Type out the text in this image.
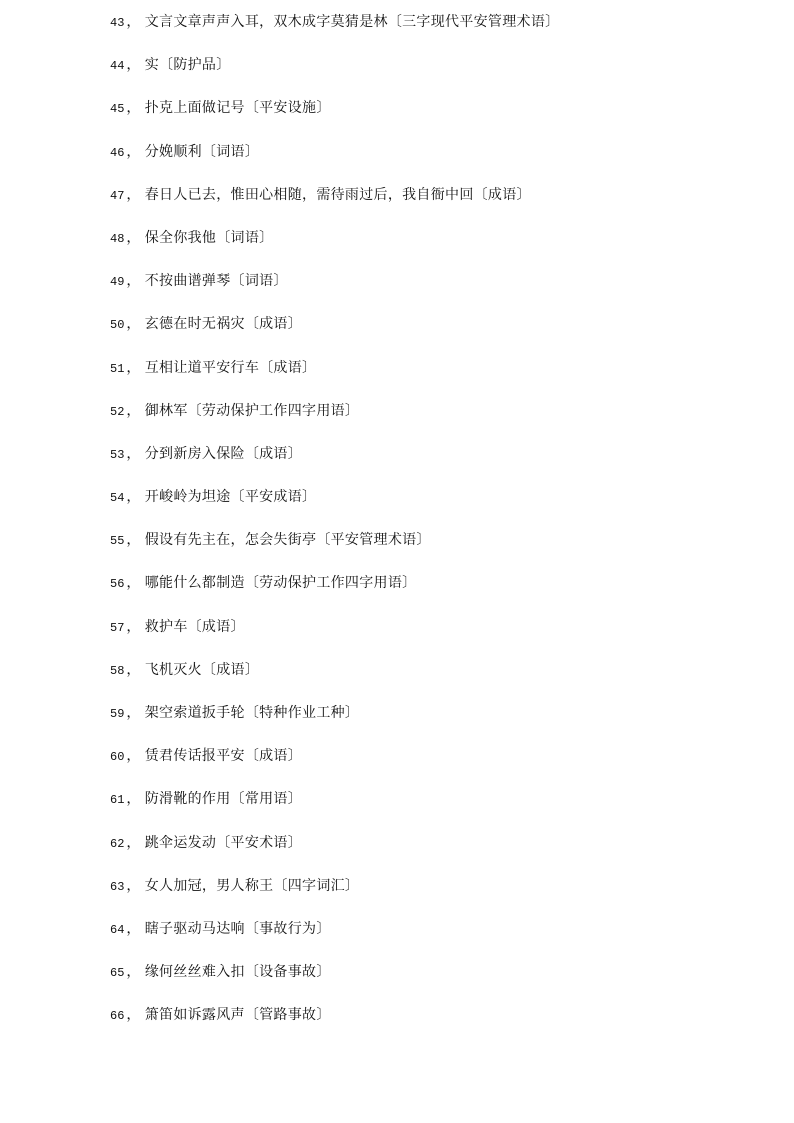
43 ， 文言文章声声入耳，双木成字莫猜是林〔三字现代平安管理术语〕
44 ， 实〔防护品〕
45 ， 扑克上面做记号〔平安设施〕
46 ， 分娩顺利〔词语〕
47 ， 春日人已去，惟田心相随，需待雨过后，我自衙中回〔成语〕
48 ， 保全你我他〔词语〕
49 ， 不按曲谱弹琴〔词语〕
50 ， 玄德在时无祸灾〔成语〕
51 ， 互相让道平安行车〔成语〕
52 ， 御林军〔劳动保护工作四字用语〕
53 ， 分到新房入保险〔成语〕
54 ， 开峻岭为坦途〔平安成语〕
55 ， 假设有先主在，怎会失街亭〔平安管理术语〕
56 ， 哪能什么都制造〔劳动保护工作四字用语〕
57 ， 救护车〔成语〕
58 ， 飞机灭火〔成语〕
59 ， 架空索道扳手轮〔特种作业工种〕
60 ， 赁君传话报平安〔成语〕
61 ， 防滑靴的作用〔常用语〕
62 ， 跳伞运发动〔平安术语〕
63 ， 女人加冠，男人称王〔四字词汇〕
64 ， 瞎子驱动马达响〔事故行为〕
65 ， 缘何丝丝难入扣〔设备事故〕
66 ， 箫笛如诉露风声〔管路事故〕
